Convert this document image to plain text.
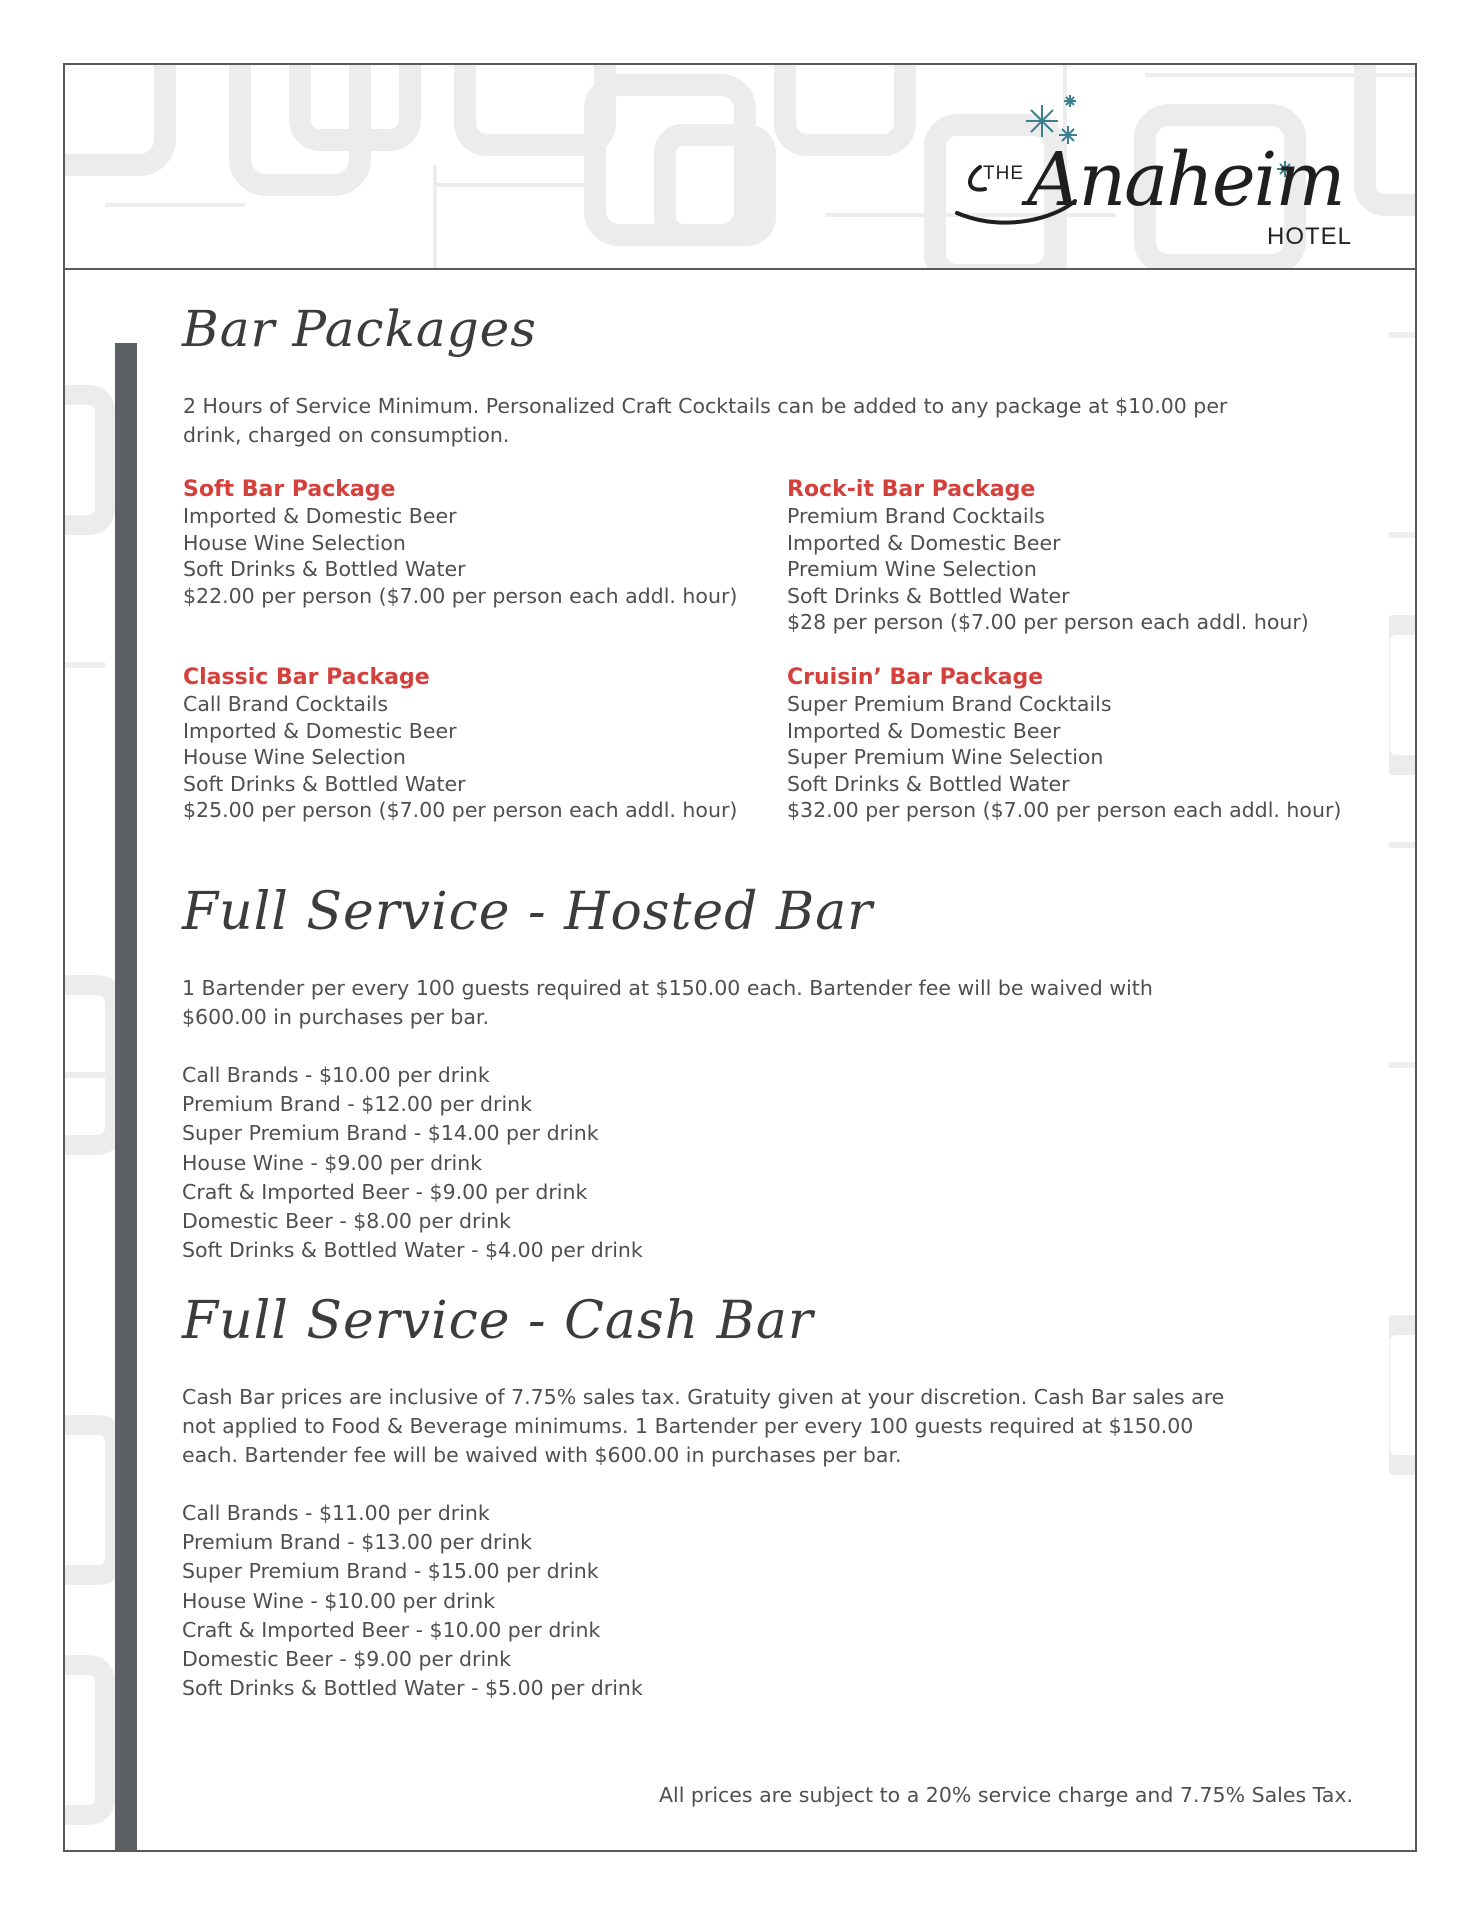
THE Anaheim
HOTEL
Bar Packages

2 Hours of Service Minimum. Personalized Craft Cocktails can be added to any package at $10.00 per drink, charged on consumption.

Soft Bar Package
Imported & Domestic Beer
House Wine Selection
Soft Drinks & Bottled Water
$22.00 per person ($7.00 per person each addl. hour)
Rock-it Bar Package
Premium Brand Cocktails
Imported & Domestic Beer
Premium Wine Selection
Soft Drinks & Bottled Water
$28 per person ($7.00 per person each addl. hour)
Classic Bar Package
Call Brand Cocktails
Imported & Domestic Beer
House Wine Selection
Soft Drinks & Bottled Water
$25.00 per person ($7.00 per person each addl. hour)
Cruisin’ Bar Package
Super Premium Brand Cocktails
Imported & Domestic Beer
Super Premium Wine Selection
Soft Drinks & Bottled Water
$32.00 per person ($7.00 per person each addl. hour)
Full Service - Hosted Bar

1 Bartender per every 100 guests required at $150.00 each. Bartender fee will be waived with $600.00 in purchases per bar.

Call Brands - $10.00 per drink
Premium Brand - $12.00 per drink
Super Premium Brand - $14.00 per drink
House Wine - $9.00 per drink
Craft & Imported Beer - $9.00 per drink
Domestic Beer - $8.00 per drink
Soft Drinks & Bottled Water - $4.00 per drink
Full Service - Cash Bar

Cash Bar prices are inclusive of 7.75% sales tax. Gratuity given at your discretion. Cash Bar sales are not applied to Food & Beverage minimums. 1 Bartender per every 100 guests required at $150.00 each. Bartender fee will be waived with $600.00 in purchases per bar.

Call Brands - $11.00 per drink
Premium Brand - $13.00 per drink
Super Premium Brand - $15.00 per drink
House Wine - $10.00 per drink
Craft & Imported Beer - $10.00 per drink
Domestic Beer - $9.00 per drink
Soft Drinks & Bottled Water - $5.00 per drink
All prices are subject to a 20% service charge and 7.75% Sales Tax.
